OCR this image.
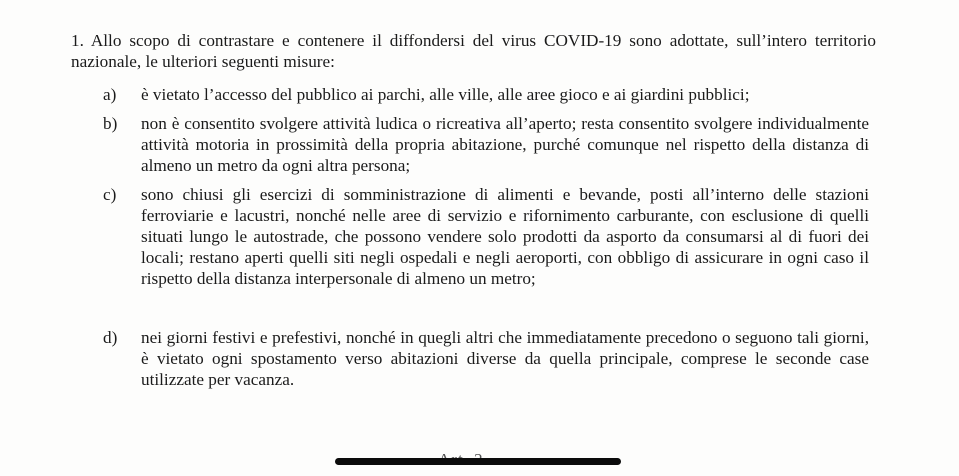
1. Allo scopo di contrastare e contenere il diffondersi del virus COVID-19 sono adottate, sull’intero territorio nazionale, le ulteriori seguenti misure:
a)	è vietato l’accesso del pubblico ai parchi, alle ville, alle aree gioco e ai giardini pubblici;
b)	non è consentito svolgere attività ludica o ricreativa all’aperto; resta consentito svolgere individualmente attività motoria in prossimità della propria abitazione, purché comunque nel rispetto della distanza di almeno un metro da ogni altra persona;
c)	sono chiusi gli esercizi di somministrazione di alimenti e bevande, posti all’interno delle stazioni ferroviarie e lacustri, nonché nelle aree di servizio e rifornimento carburante, con esclusione di quelli situati lungo le autostrade, che possono vendere solo prodotti da asporto da consumarsi al di fuori dei locali; restano aperti quelli siti negli ospedali e negli aeroporti, con obbligo di assicurare in ogni caso il rispetto della distanza interpersonale di almeno un metro;
d)	nei giorni festivi e prefestivi, nonché in quegli altri che immediatamente precedono o seguono tali giorni, è vietato ogni spostamento verso abitazioni diverse da quella principale, comprese le seconde case utilizzate per vacanza.
